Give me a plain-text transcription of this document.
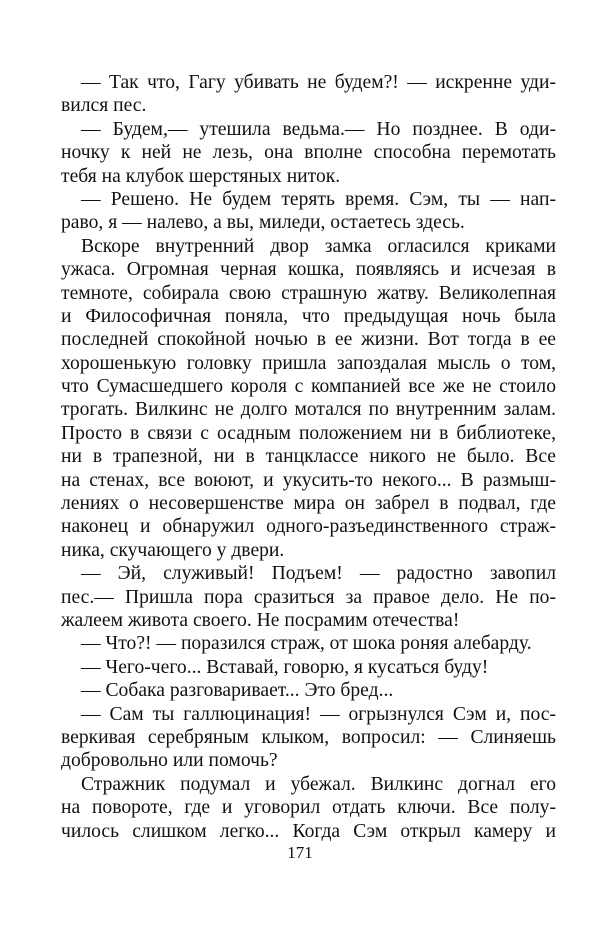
— Так что, Гагу убивать не будем?! — искренне уди-
вился пес.
— Будем,— утешила ведьма.— Но позднее. В оди-
ночку к ней не лезь, она вполне способна перемотать
тебя на клубок шерстяных ниток.
— Решено. Не будем терять время. Сэм, ты — нап-
раво, я — налево, а вы, миледи, остаетесь здесь.
Вскоре внутренний двор замка огласился криками
ужаса. Огромная черная кошка, появляясь и исчезая в
темноте, собирала свою страшную жатву. Великолепная
и Философичная поняла, что предыдущая ночь была
последней спокойной ночью в ее жизни. Вот тогда в ее
хорошенькую головку пришла запоздалая мысль о том,
что Сумасшедшего короля с компанией все же не стоило
трогать. Вилкинс не долго мотался по внутренним залам.
Просто в связи с осадным положением ни в библиотеке,
ни в трапезной, ни в танцклассе никого не было. Все
на стенах, все воюют, и укусить-то некого... В размыш-
лениях о несовершенстве мира он забрел в подвал, где
наконец и обнаружил одного-разъединственного страж-
ника, скучающего у двери.
— Эй, служивый! Подъем! — радостно завопил
пес.— Пришла пора сразиться за правое дело. Не по-
жалеем живота своего. Не посрамим отечества!
— Что?! — поразился страж, от шока роняя алебарду.
— Чего-чего... Вставай, говорю, я кусаться буду!
— Собака разговаривает... Это бред...
— Сам ты галлюцинация! — огрызнулся Сэм и, пос-
веркивая серебряным клыком, вопросил: — Слиняешь
добровольно или помочь?
Стражник подумал и убежал. Вилкинс догнал его
на повороте, где и уговорил отдать ключи. Все полу-
чилось слишком легко... Когда Сэм открыл камеру и
171
